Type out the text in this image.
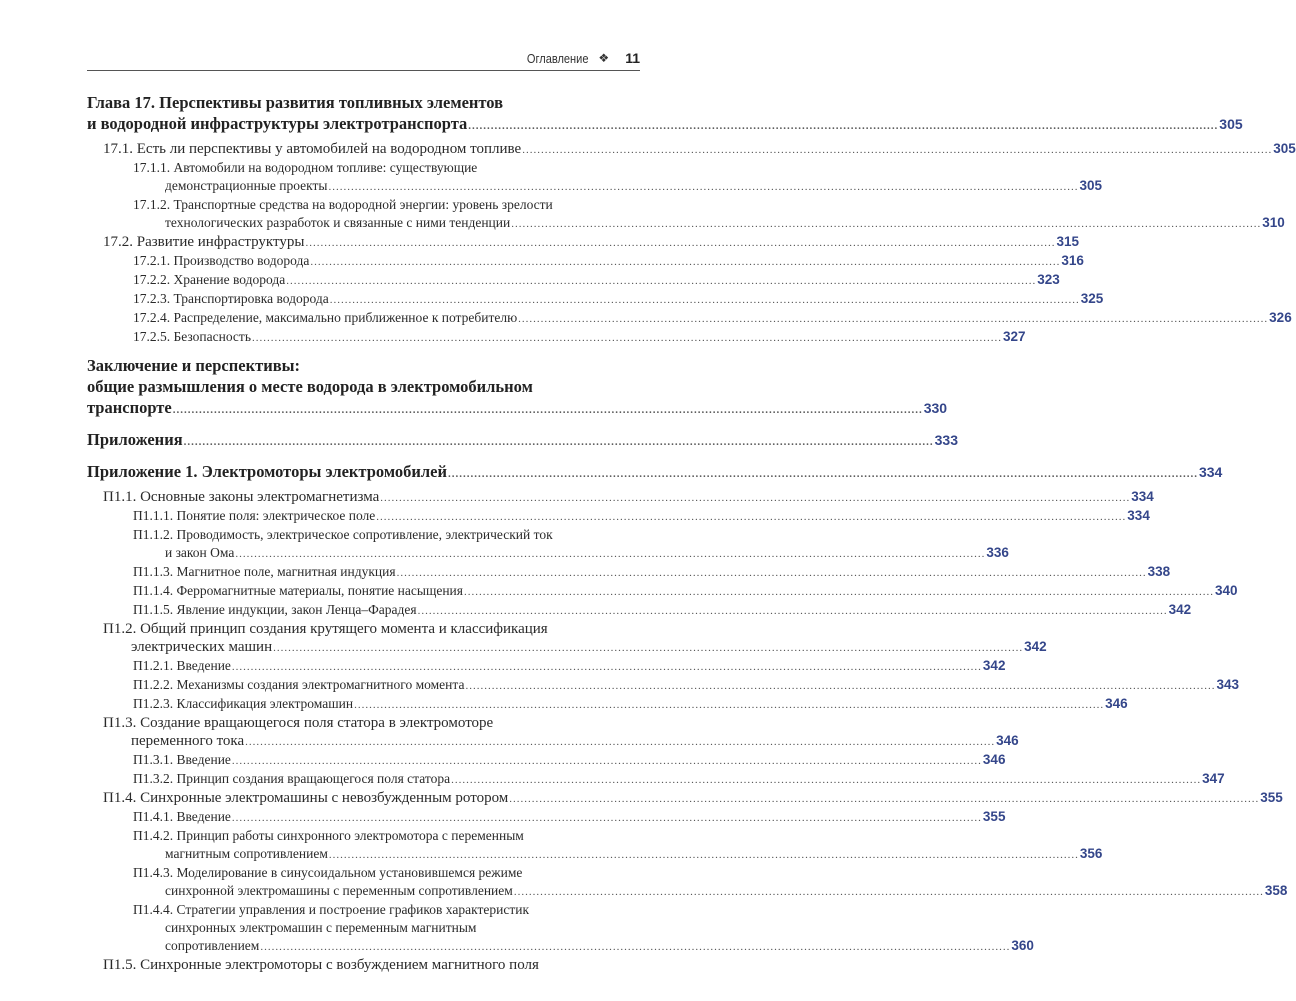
Оглавление ❖ 11
Глава 17. Перспективы развития топливных элементов
и водородной инфраструктуры электротранспорта ........................................................................................................................................................................................................ 305
17.1. Есть ли перспективы у автомобилей на водородном топливе ........................................................................................................................................................................................................ 305
17.1.1. Автомобили на водородном топливе: существующие
демонстрационные проекты ........................................................................................................................................................................................................ 305
17.1.2. Транспортные средства на водородной энергии: уровень зрелости
технологических разработок и связанные с ними тенденции ........................................................................................................................................................................................................ 310
17.2. Развитие инфраструктуры ........................................................................................................................................................................................................ 315
17.2.1. Производство водорода ........................................................................................................................................................................................................ 316
17.2.2. Хранение водорода ........................................................................................................................................................................................................ 323
17.2.3. Транспортировка водорода ........................................................................................................................................................................................................ 325
17.2.4. Распределение, максимально приближенное к потребителю ........................................................................................................................................................................................................ 326
17.2.5. Безопасность ........................................................................................................................................................................................................ 327
Заключение и перспективы:
общие размышления о месте водорода в электромобильном
транспорте ........................................................................................................................................................................................................ 330
Приложения ........................................................................................................................................................................................................ 333
Приложение 1. Электромоторы электромобилей ........................................................................................................................................................................................................ 334
П1.1. Основные законы электромагнетизма ........................................................................................................................................................................................................ 334
П1.1.1. Понятие поля: электрическое поле ........................................................................................................................................................................................................ 334
П1.1.2. Проводимость, электрическое сопротивление, электрический ток
и закон Ома ........................................................................................................................................................................................................ 336
П1.1.3. Магнитное поле, магнитная индукция ........................................................................................................................................................................................................ 338
П1.1.4. Ферромагнитные материалы, понятие насыщения ........................................................................................................................................................................................................ 340
П1.1.5. Явление индукции, закон Ленца–Фарадея ........................................................................................................................................................................................................ 342
П1.2. Общий принцип создания крутящего момента и классификация
электрических машин ........................................................................................................................................................................................................ 342
П1.2.1. Введение ........................................................................................................................................................................................................ 342
П1.2.2. Механизмы создания электромагнитного момента ........................................................................................................................................................................................................ 343
П1.2.3. Классификация электромашин ........................................................................................................................................................................................................ 346
П1.3. Создание вращающегося поля статора в электромоторе
переменного тока ........................................................................................................................................................................................................ 346
П1.3.1. Введение ........................................................................................................................................................................................................ 346
П1.3.2. Принцип создания вращающегося поля статора ........................................................................................................................................................................................................ 347
П1.4. Синхронные электромашины с невозбужденным ротором ........................................................................................................................................................................................................ 355
П1.4.1. Введение ........................................................................................................................................................................................................ 355
П1.4.2. Принцип работы синхронного электромотора с переменным
магнитным сопротивлением ........................................................................................................................................................................................................ 356
П1.4.3. Моделирование в синусоидальном установившемся режиме
синхронной электромашины с переменным сопротивлением ........................................................................................................................................................................................................ 358
П1.4.4. Стратегии управления и построение графиков характеристик
синхронных электромашин с переменным магнитным
сопротивлением ........................................................................................................................................................................................................ 360
П1.5. Синхронные электромоторы с возбуждением магнитного поля
